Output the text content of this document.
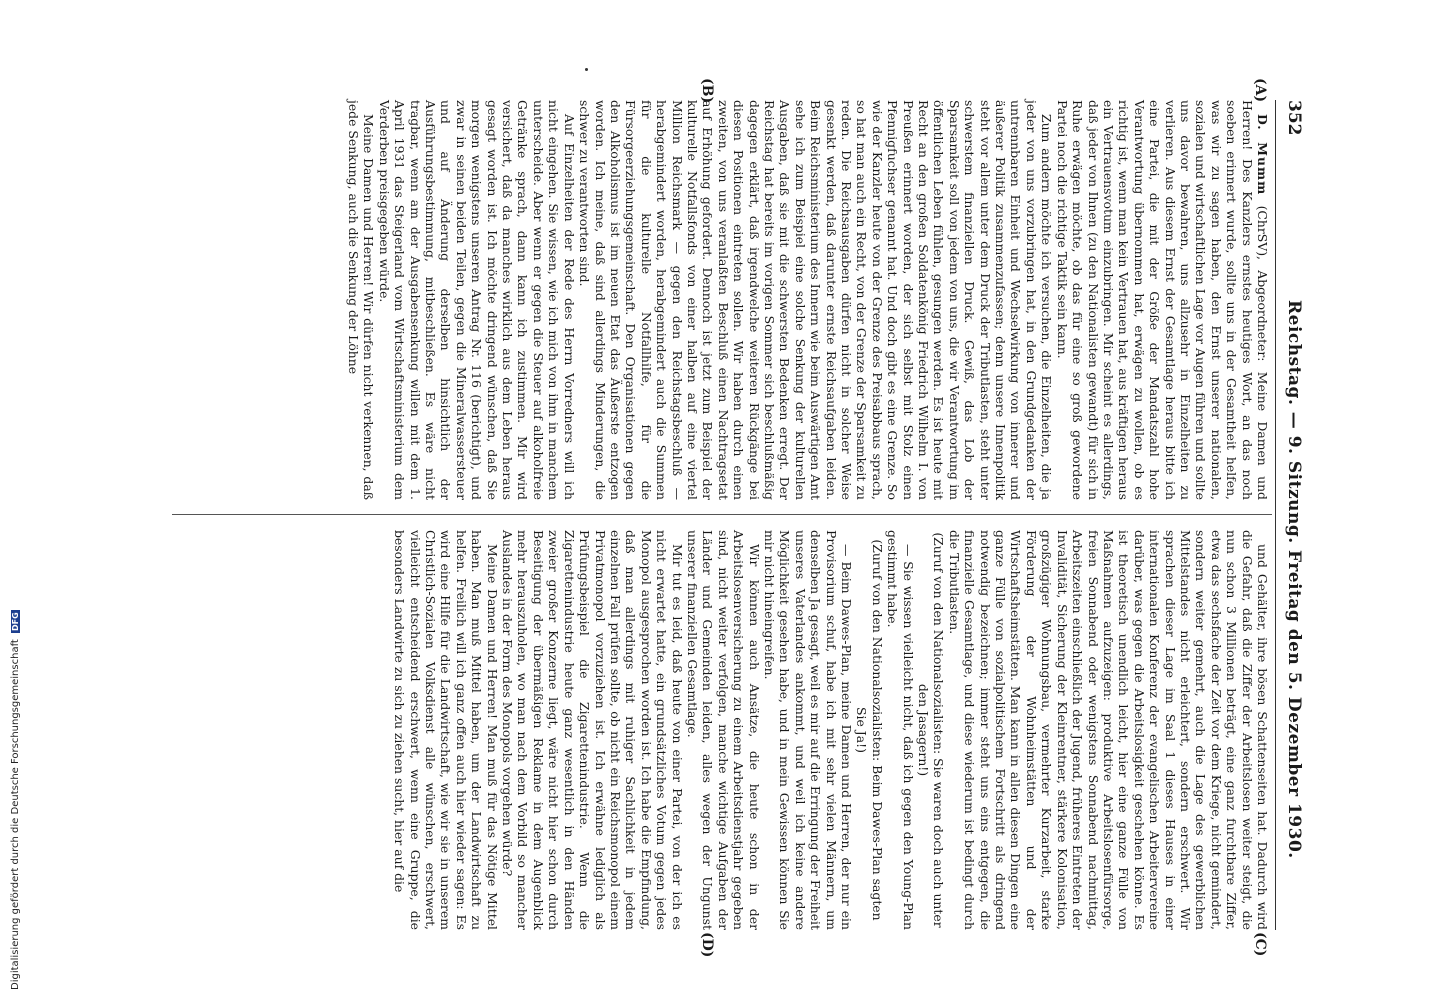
Digitalisierung gefördert durch die Deutsche Forschungsgemeinschaft DFG
352
Reichstag. — 9. Sitzung. Freitag den 5. Dezember 1930.
(A)
(B)
(C)
(D)

D. Mumm (ChrSV), Abgeordneter: Meine Damen und Herren! Des Kanzlers ernstes heutiges Wort, an das noch soeben erinnert wurde, sollte uns in der Gesamtheit helfen, was wir zu sagen haben, den Ernst unserer nationalen, sozialen und wirtschaftlichen Lage vor Augen führen und sollte uns davor bewahren, uns allzusehr in Einzelheiten zu verlieren. Aus diesem Ernst der Gesamtlage heraus bitte ich eine Partei, die mit der Größe der Mandatszahl hohe Verantwortung übernommen hat, erwägen zu wollen, ob es richtig ist, wenn man kein Vertrauen hat, aus kräftigen heraus ein Vertrauensvotum einzubringen. Mir scheint es allerdings, daß jeder von Ihnen (zu den Nationalisten gewandt) für sich in Ruhe erwägen möchte, ob das für eine so groß gewordene Partei noch die richtige Taktik sein kann.

Zum andern möchte ich versuchen, die Einzelheiten, die ja jeder von uns vorzubringen hat, in den Grundgedanken der untrennbaren Einheit und Wechselwirkung von innerer und äußerer Politik zusammenzufassen; denn unsere Innenpolitik steht vor allem unter dem Druck der Tributlasten, steht unter schwerstem finanziellen Druck. Gewiß, das Lob der Sparsamkeit soll von jedem von uns, die wir Verantwortung im öffentlichen Leben fühlen, gesungen werden. Es ist heute mit Recht an den großen Soldatenkönig Friedrich Wilhelm I. von Preußen erinnert worden, der sich selbst mit Stolz einen Pfennigfuchser genannt hat. Und doch gibt es eine Grenze. So wie der Kanzler heute von der Grenze des Preisabbaus sprach, so hat man auch ein Recht, von der Grenze der Sparsamkeit zu reden. Die Reichsausgaben dürfen nicht in solcher Weise gesenkt werden, daß darunter ernste Reichsaufgaben leiden. Beim Reichsministerium des Innern wie beim Auswärtigen Amt sehe ich zum Beispiel eine solche Senkung der kulturellen Ausgaben, daß sie mit die schwersten Bedenken erregt. Der Reichstag hat bereits im vorigen Sommer sich beschlußmäßig dagegen erklärt, daß irgendwelche weiteren Rückgänge bei diesen Positionen eintreten sollen. Wir haben durch einen zweiten, von uns veranlaßten Beschluß einen Nachtragsetat auf Erhöhung gefordert. Dennoch ist jetzt zum Beispiel der kulturelle Notfallsfonds von einer halben auf eine viertel Million Reichsmark — gegen den Reichstagsbeschluß — herabgemindert worden, herabgemindert auch die Summen für die kulturelle Notfallhilfe, für die Fürsorgeerziehungsgemeinschaft. Den Organisationen gegen den Alkoholismus ist im neuen Etat das Äußerste entzogen worden. Ich meine, daß sind allerdings Minderungen, die schwer zu verantworten sind.

Auf Einzelheiten der Rede des Herrn Vorredners will ich nicht eingehen. Sie wissen, wie ich mich von ihm in manchem unterscheide. Aber wenn er gegen die Steuer auf alkoholfreie Getränke sprach, dann kann ich zustimmen. Mir wird versichert, daß da manches wirklich aus dem Leben heraus gesagt worden ist. Ich möchte dringend wünschen, daß Sie morgen wenigstens unseren Antrag Nr. 116 (berichtigt), und zwar in seinen beiden Teilen, gegen die Mineralwassersteuer und auf Änderung derselben hinsichtlich der Ausführungsbestimmung, mitbeschließen. Es wäre nicht tragbar, wenn am der Ausgabensenkung willen mit dem 1. April 1931 das Steigerland vom Wirtschaftsministerium dem Verderben preisgegeben würde.

Meine Damen und Herren! Wir dürfen nicht verkennen, daß jede Senkung, auch die Senkung der Löhne

und Gehälter, ihre bösen Schattenseiten hat. Dadurch wird die Gefahr, daß die Ziffer der Arbeitslosen weiter steigt, die nun schon 3 Millionen beträgt, eine ganz furchtbare Ziffer, etwa das sechsfache der Zeit vor dem Kriege, nicht gemindert, sondern weiter gemehrt, auch die Lage des gewerblichen Mittelstandes nicht erleichtert, sondern erschwert. Wir sprachen dieser Lage im Saal 1 dieses Hauses in einer internationalen Konferenz der evangelischen Arbeitervereine darüber, was gegen die Arbeitslosigkeit geschehen könne. Es ist theoretisch unendlich leicht, hier eine ganze Fülle von Maßnahmen aufzuzeigen: produktive Arbeitslosenfürsorge, freien Sonnabend oder wenigstens Sonnabend nachmittag, Arbeitszeiten einschließlich der Jugend, früheres Eintreten der Invalidität, Sicherung der Kleinrentner, stärkere Kolonisation, großzügiger Wohnungsbau, vermehrter Kurzarbeit, starke Förderung der Wohnheimstätten und der Wirtschaftsheimstätten. Man kann in allen diesen Dingen eine ganze Fülle von sozialpolitischem Fortschritt als dringend notwendig bezeichnen; immer steht uns eins entgegen, die finanzielle Gesamtlage, und diese wiederum ist bedingt durch die Tributlasten.

(Zuruf von den Nationalsozialisten: Sie waren doch auch unter den Jasagern!)

— Sie wissen vielleicht nicht, daß ich gegen den Young-Plan gestimmt habe.

(Zuruf von den Nationalsozialisten: Beim Dawes-Plan sagten Sie Ja!)

— Beim Dawes-Plan, meine Damen und Herren, der nur ein Provisorium schuf, habe ich mit sehr vielen Männern, um denselben Ja gesagt, weil es mir auf die Erringung der Freiheit unseres Vaterlandes ankommt, und weil ich keine andere Möglichkeit gesehen habe, und in mein Gewissen können Sie mir nicht hineingreifen.

Wir können auch Ansätze, die heute schon in der Arbeitslosenversicherung zu einem Arbeitsdienstjahr gegeben sind, nicht weiter verfolgen, manche wichtige Aufgaben der Länder und Gemeinden leiden, alles wegen der Ungunst unserer finanziellen Gesamtlage.

Mir tut es leid, daß heute von einer Partei, von der ich es nicht erwartet hatte, ein grundsätzliches Votum gegen jedes Monopol ausgesprochen worden ist. Ich habe die Empfindung, daß man allerdings mit ruhiger Sachlichkeit in jedem einzelnen Fall prüfen sollte, ob nicht ein Reichsmonopol einem Privatmonopol vorzuziehen ist. Ich erwähne lediglich als Prüfungsbeispiel die Zigarettenindustrie. Wenn die Zigarettenindustrie heute ganz wesentlich in den Händen zweier großer Konzerne liegt, wäre nicht hier schon durch Beseitigung der übermäßigen Reklame in dem Augenblick mehr herauszuholen, wo man nach dem Vorbild so mancher Auslandes in der Form des Monopols vorgehen würde?

Meine Damen und Herren! Man muß für das Nötige Mittel haben. Man muß Mittel haben, um der Landwirtschaft zu helfen. Freilich will ich ganz offen auch hier wieder sagen: Es wird eine Hilfe für die Landwirtschaft, wie wir sie in unserem Christlich-Sozialen Volksdienst alle wünschen, erschwert, vielleicht entscheidend erschwert, wenn eine Gruppe, die besonders Landwirte zu sich zu ziehen sucht, hier auf die
